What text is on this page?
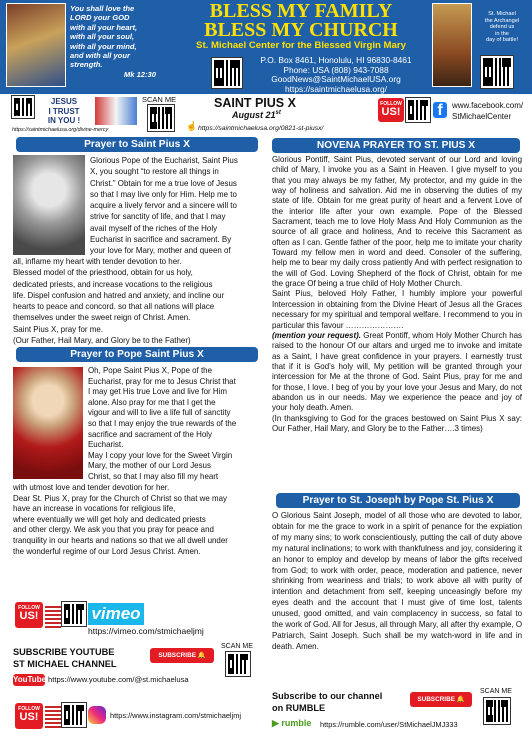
You shall love the
LORD your GOD
with all your heart,
with all your soul,
with all your mind,
and with all your
strength.
Mk 12:30
BLESS MY FAMILY
BLESS MY CHURCH
St. Michael Center for the Blessed Virgin Mary
P.O. Box 8461, Honolulu, HI 96830-8461
Phone: USA (808) 943-7088
GoodNews@SaintMichaelUSA.org
https://saintmichaelusa.org/
St. Michael
the Archangel
defend us
in the
day of battle!
JESUS
I TRUST
IN YOU !
https://saintmichaelusa.org/divine-mercy
SCAN ME
☝
SAINT PIUS X
August 21st
https://saintmichaelusa.org/0821-st-piusx/
FOLLOW
US! f	www.facebook.com/
StMichaelCenter
Prayer to Saint Pius X

Glorious Pope of the Eucharist, Saint Pius

X, you sought “to restore all things in

Christ.” Obtain for me a true love of Jesus

so that I may live only for Him. Help me to

acquire a lively fervor and a sincere will to

strive for sanctity of life, and that I may

avail myself of the riches of the Holy

Eucharist in sacrifice and sacrament. By

your love for Mary, mother and queen of

all, inflame my heart with tender devotion to her.

Blessed model of the priesthood, obtain for us holy,

dedicated priests, and increase vocations to the religious

life. Dispel confusion and hatred and anxiety, and incline our

hearts to peace and concord. so that all nations will place

themselves under the sweet reign of Christ. Amen.

Saint Pius X, pray for me.

(Our Father, Hail Mary, and Glory be to the Father)

Prayer to Pope Saint Pius X

Oh, Pope Saint Pius X, Pope of the

Eucharist, pray for me to Jesus Christ that

I may get His true Love and live for Him

alone. Also pray for me that I get the

vigour and will to live a life full of sanctity

so that I may enjoy the true rewards of the

sacrifice and sacrament of the Holy

Eucharist.

May I copy your love for the Sweet Virgin

Mary, the mother of our Lord Jesus

Christ, so that I may also fill my heart

with utmost love and tender devotion for her.

Dear St. Pius X, pray for the Church of Christ so that we may

have an increase in vocations for religious life,

where eventually we will get holy and dedicated priests

and other clergy. We ask you that you pray for peace and

tranquility in our hearts and nations so that we all dwell under

the wonderful regime of our Lord Jesus Christ. Amen.

FOLLOW
US!	vimeo
https://vimeo.com/stmichaeljmj
SUBSCRIBE YOUTUBE
ST MICHAEL CHANNEL
SUBSCRIBE 🔔
SCAN ME
YouTube https://www.youtube.com/@st.michaelusa
FOLLOW
US!	https://www.instagram.com/stmichaeljmj
NOVENA PRAYER TO ST. PIUS X

Glorious Pontiff, Saint Pius, devoted servant of our Lord and loving child of Mary, I invoke you as a Saint in Heaven. I give myself to you that you may always be my father, My protector, and my guide in the way of holiness and salvation. Aid me in observing the duties of my state of life. Obtain for me great purity of heart and a fervent Love of the interior life after your own example. Pope of the Blessed Sacrament, teach me to love Holy Mass And Holy Communion as the source of all grace and holiness, And to receive this Sacrament as often as I can. Gentle father of the poor, help me to imitate your charity Toward my fellow men in word and deed. Consoler of the suffering, help me to bear my daily cross patiently And with perfect resignation to the will of God. Loving Shepherd of the flock of Christ, obtain for me the grace Of being a true child of Holy Mother Church.

Saint Pius, beloved Holy Father, I humbly implore your powerful Intercession in obtaining from the Divine Heart of Jesus all the Graces necessary for my spiritual and temporal welfare. I recommend to you in particular this favour ………………….

(mention your request). Great Pontiff, whom Holy Mother Church has raised to the honour Of our altars and urged me to invoke and imitate as a Saint, I have great confidence in your prayers. I earnestly trust that if it is God’s holy will, My petition will be granted through your intercession for Me at the throne of God. Saint Pius, pray for me and for those, I love. I beg of you by your love your Jesus and Mary, do not abandon us in our needs. May we experience the peace and joy of your holy death. Amen.

(In thanksgiving to God for the graces bestowed on Saint Pius X say: Our Father, Hail Mary, and Glory be to the Father….3 times)

Prayer to St. Joseph by Pope St. Pius X
O Glorious Saint Joseph, model of all those who are devoted to labor, obtain for me the grace to work in a spirit of penance for the expiation of my many sins; to work conscientiously, putting the call of duty above my natural inclinations; to work with thankfulness and joy, considering it an honor to employ and develop by means of labor the gifts received from God; to work with order, peace, moderation and patience, never shrinking from weariness and trials; to work above all with purity of intention and detachment from self, keeping unceasingly before my eyes death and the account that I must give of time lost, talents unused, good omitted, and vain complacency in success, so fatal to the work of God. All for Jesus, all through Mary, all after thy example, O Patriarch, Saint Joseph. Such shall be my watch-word in life and in death. Amen.
Subscribe to our channel
on RUMBLE
SUBSCRIBE 🔔
SCAN ME
▶ rumble https://rumble.com/user/StMichaelJMJ333
